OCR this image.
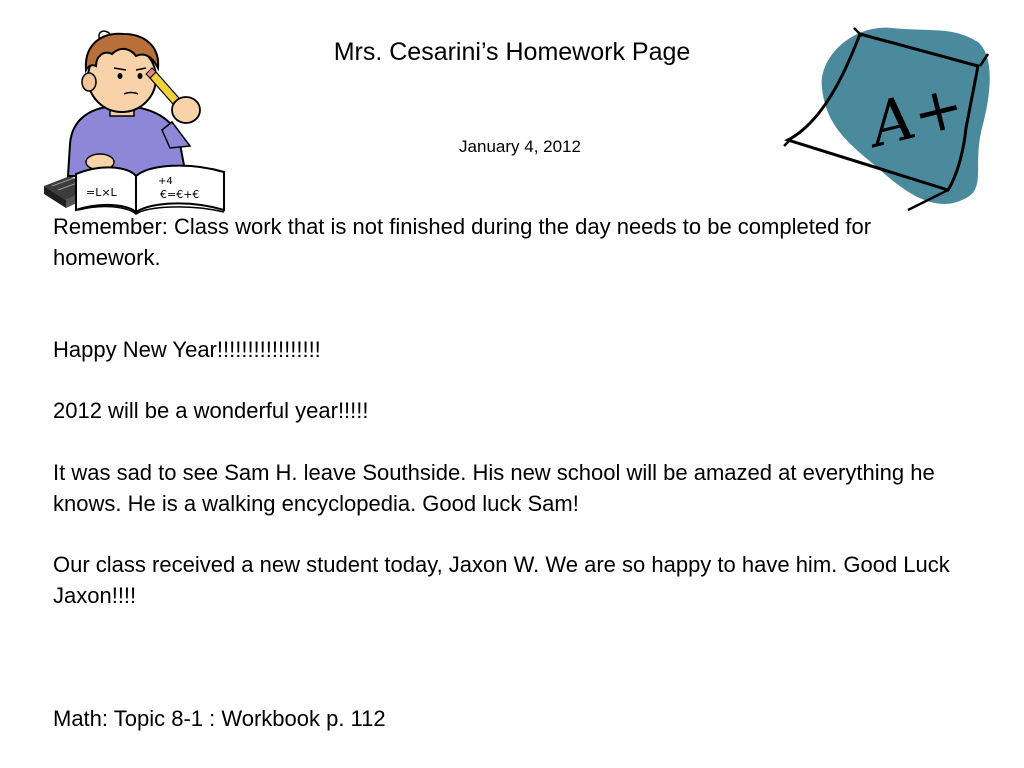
+4
=L×L	€=€+€
Mrs. Cesarini’s Homework Page
January 4, 2012	A+

Remember: Class work that is not finished during the day needs to be completed for homework.

Happy New Year!!!!!!!!!!!!!!!!!

2012 will be a wonderful year!!!!!

It was sad to see Sam H. leave Southside. His new school will be amazed at everything he knows. He is a walking encyclopedia. Good luck Sam!

Our class received a new student today, Jaxon W. We are so happy to have him. Good Luck Jaxon!!!!

Math: Topic 8-1 : Workbook p. 112
